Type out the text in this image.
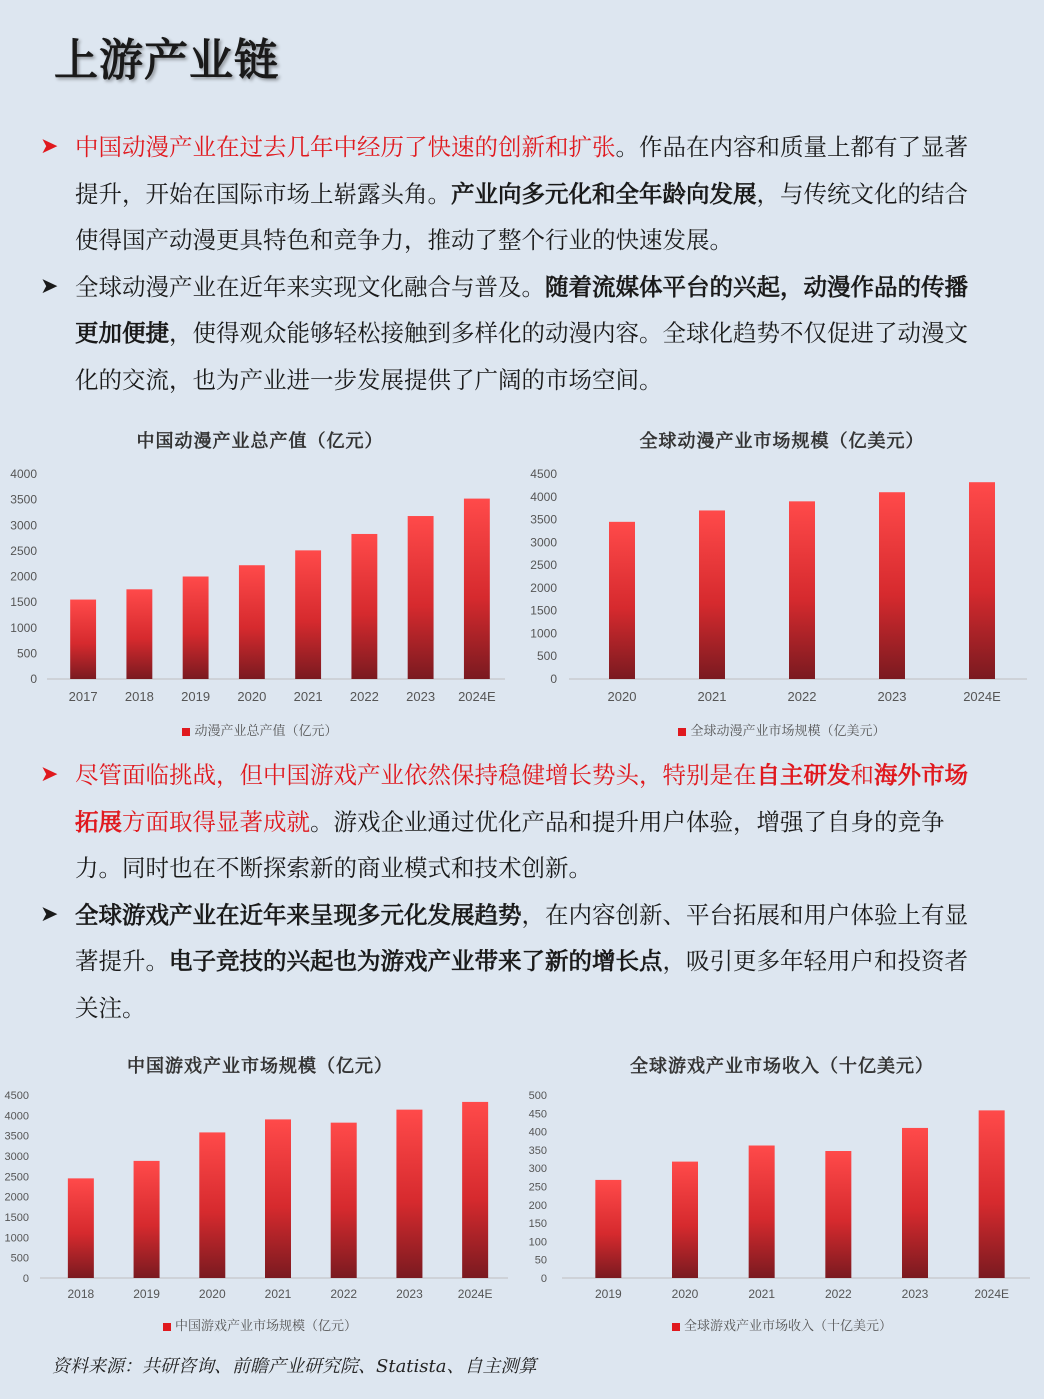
上游产业链
➤ 中国动漫产业在过去几年中经历了快速的创新和扩张。作品在内容和质量上都有了显著提升，开始在国际市场上崭露头角。产业向多元化和全年龄向发展，与传统文化的结合使得国产动漫更具特色和竞争力，推动了整个行业的快速发展。
➤ 全球动漫产业在近年来实现文化融合与普及。随着流媒体平台的兴起，动漫作品的传播更加便捷，使得观众能够轻松接触到多样化的动漫内容。全球化趋势不仅促进了动漫文化的交流，也为产业进一步发展提供了广阔的市场空间。
中国动漫产业总产值（亿元）
0
500
1000
1500
2000
2500
3000
3500
4000
2017 2018 2019 2020 2021 2022 2023 2024E
动漫产业总产值（亿元）
全球动漫产业市场规模（亿美元）
0
500
1000
1500
2000
2500
3000
3500
4000
4500
2020	2021	2022	2023	2024E
全球动漫产业市场规模（亿美元）
➤ 尽管面临挑战，但中国游戏产业依然保持稳健增长势头，特别是在自主研发和海外市场拓展方面取得显著成就。游戏企业通过优化产品和提升用户体验，增强了自身的竞争力。同时也在不断探索新的商业模式和技术创新。
➤ 全球游戏产业在近年来呈现多元化发展趋势，在内容创新、平台拓展和用户体验上有显著提升。电子竞技的兴起也为游戏产业带来了新的增长点，吸引更多年轻用户和投资者关注。
中国游戏产业市场规模（亿元）
0
500
1000
1500
2000
2500
3000
3500
4000
4500
2018	2019	2020	2021	2022	2023	2024E
中国游戏产业市场规模（亿元）
全球游戏产业市场收入（十亿美元）
0
50
100
150
200
250
300
350
400
450
500
2019	2020	2021	2022	2023	2024E
全球游戏产业市场收入（十亿美元）
资料来源：共研咨询、前瞻产业研究院、Statista、自主测算
